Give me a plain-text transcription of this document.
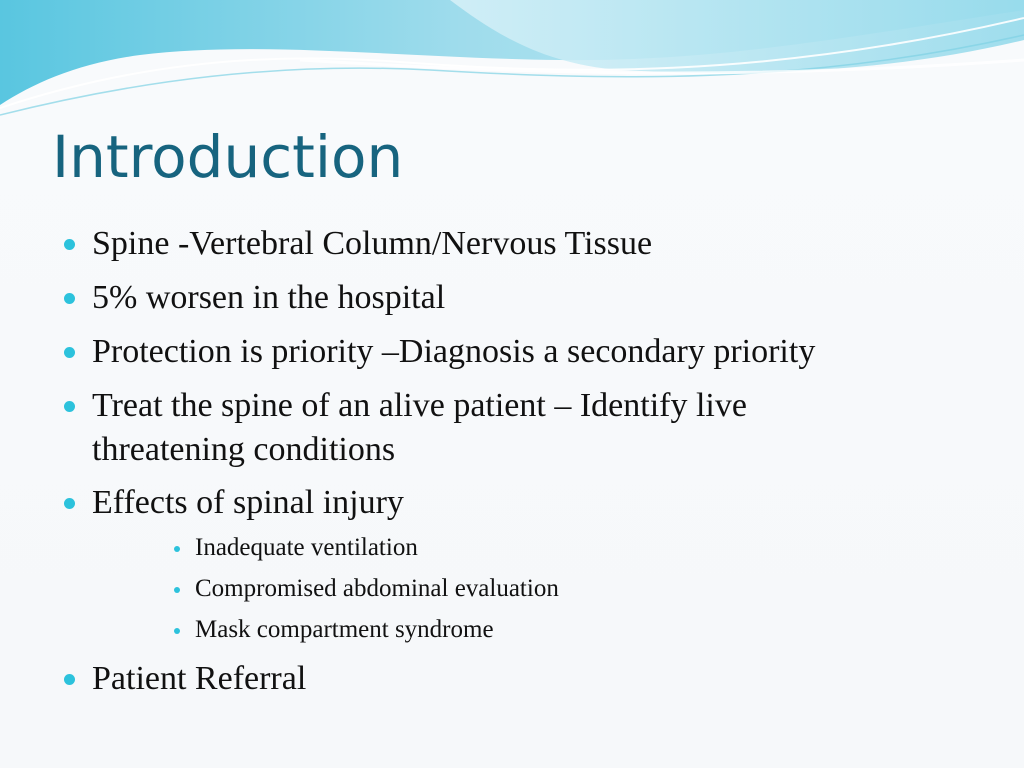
Introduction
Spine -Vertebral Column/Nervous Tissue
5% worsen in the hospital
Protection is priority –Diagnosis a secondary priority
Treat the spine of an alive patient – Identify live threatening conditions
Effects of spinal injury
Inadequate ventilation
Compromised abdominal evaluation
Mask compartment syndrome
Patient Referral
